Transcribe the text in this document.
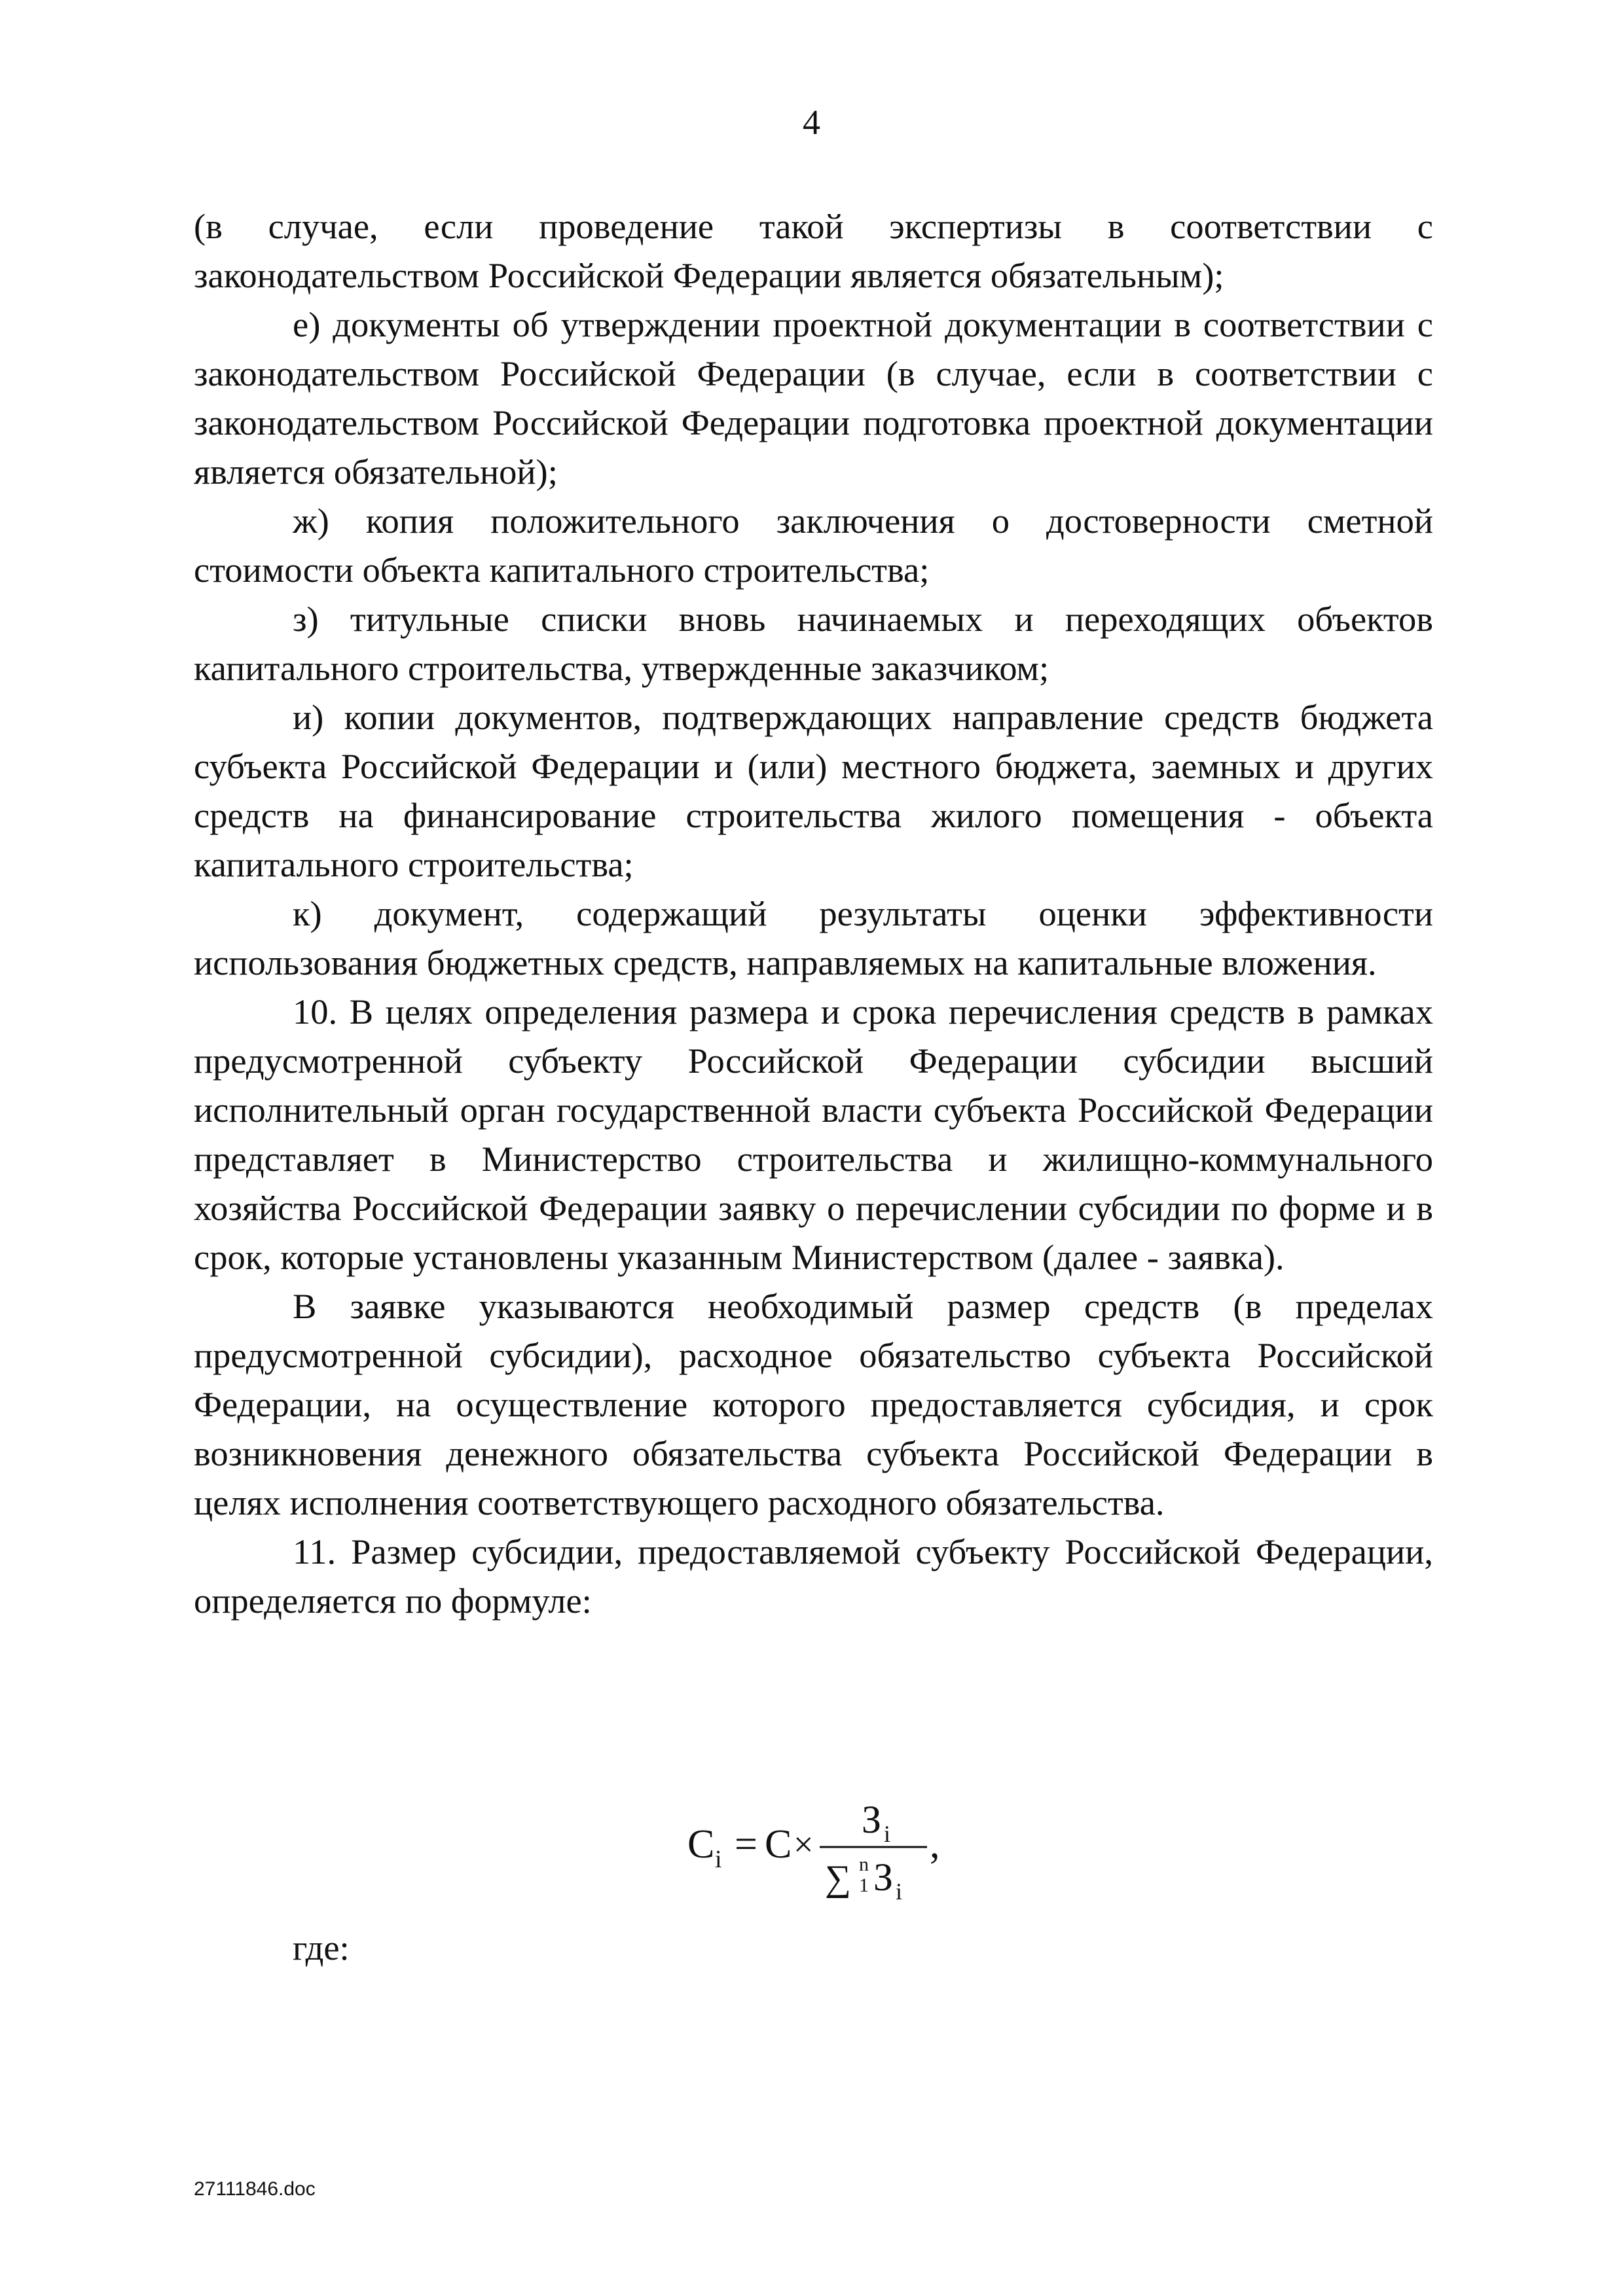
4

(в случае, если проведение такой экспертизы в соответствии с законодательством Российской Федерации является обязательным);

е) документы об утверждении проектной документации в соответствии с законодательством Российской Федерации (в случае, если в соответствии с законодательством Российской Федерации подготовка проектной документации является обязательной);

ж) копия положительного заключения о достоверности сметной стоимости объекта капитального строительства;

з) титульные списки вновь начинаемых и переходящих объектов капитального строительства, утвержденные заказчиком;

и) копии документов, подтверждающих направление средств бюджета субъекта Российской Федерации и (или) местного бюджета, заемных и других средств на финансирование строительства жилого помещения - объекта капитального строительства;

к) документ, содержащий результаты оценки эффективности использования бюджетных средств, направляемых на капитальные вложения.

10. В целях определения размера и срока перечисления средств в рамках предусмотренной субъекту Российской Федерации субсидии высший исполнительный орган государственной власти субъекта Российской Федерации представляет в Министерство строительства и жилищно-коммунального хозяйства Российской Федерации заявку о перечислении субсидии по форме и в срок, которые установлены указанным Министерством (далее - заявка).

В заявке указываются необходимый размер средств (в пределах предусмотренной субсидии), расходное обязательство субъекта Российской Федерации, на осуществление которого предоставляется субсидия, и срок возникновения денежного обязательства субъекта Российской Федерации в целях исполнения соответствующего расходного обязательства.

11. Размер субсидии, предоставляемой субъекту Российской Федерации, определяется по формуле:

C i = C ×
З i
∑ n
1 З i
,
где:
27111846.doc
